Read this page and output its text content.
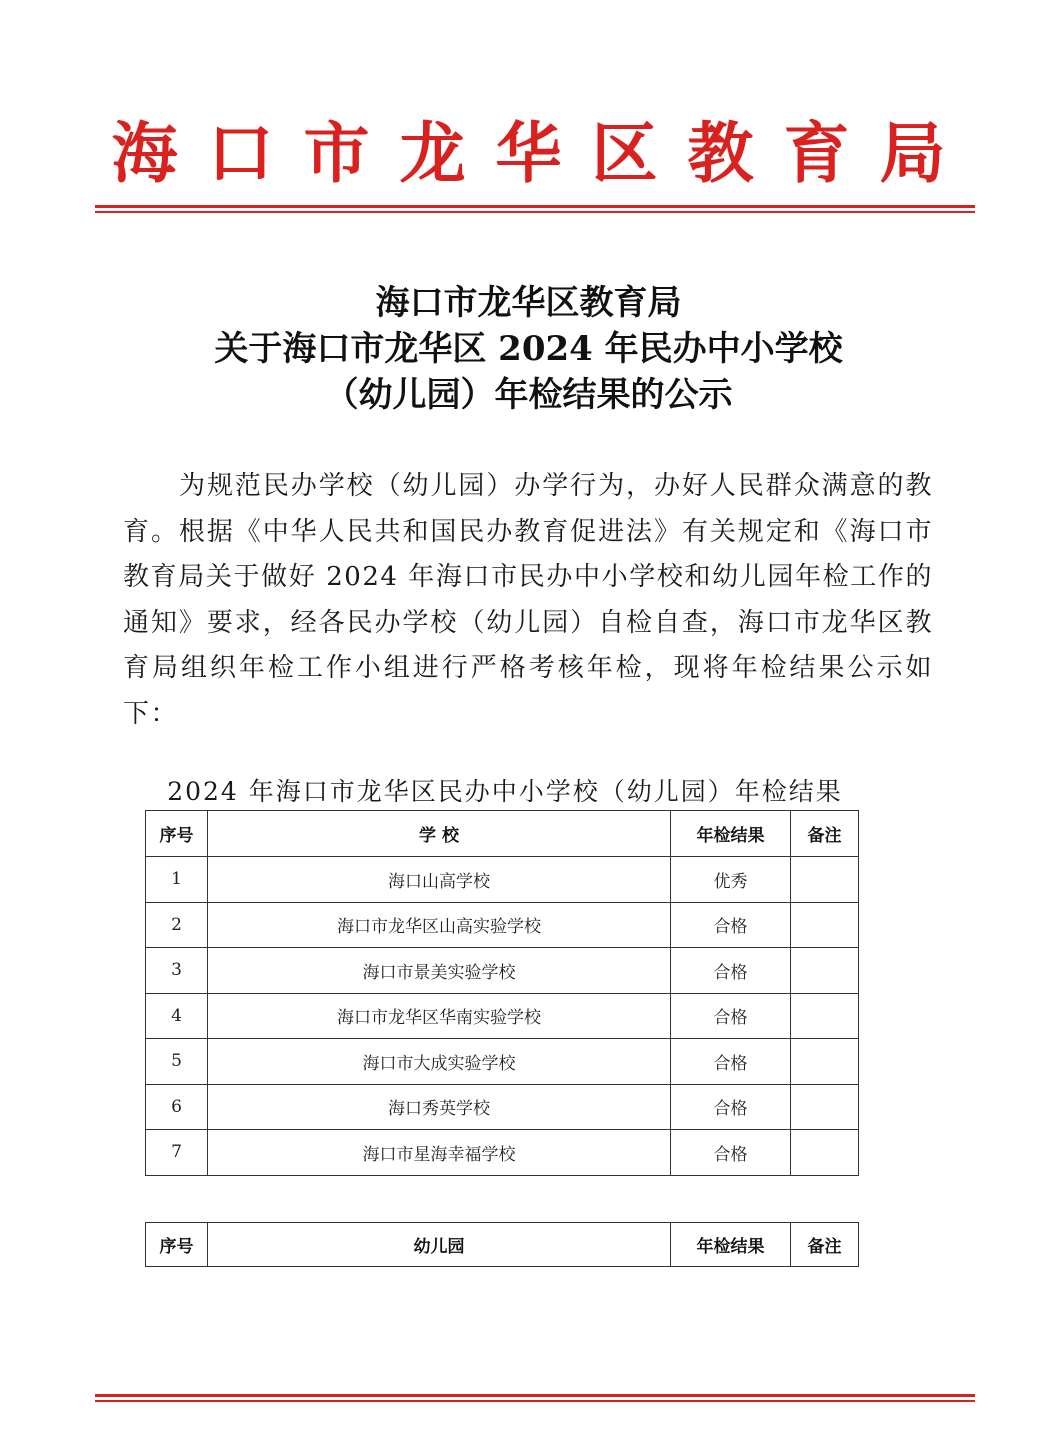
海口市龙华区教育局
海口市龙华区教育局
关于海口市龙华区 2024 年民办中小学校
（幼儿园）年检结果的公示

为规范民办学校（幼儿园）办学行为，办好人民群众满意的教育。根据《中华人民共和国民办教育促进法》有关规定和《海口市教育局关于做好 2024 年海口市民办中小学校和幼儿园年检工作的通知》要求，经各民办学校（幼儿园）自检自查，海口市龙华区教育局组织年检工作小组进行严格考核年检，现将年检结果公示如下：

2024 年海口市龙华区民办中小学校（幼儿园）年检结果
序号	学 校	年检结果	备注
1	海口山高学校	优秀	
2	海口市龙华区山高实验学校	合格	
3	海口市景美实验学校	合格	
4	海口市龙华区华南实验学校	合格	
5	海口市大成实验学校	合格	
6	海口秀英学校	合格	
7	海口市星海幸福学校	合格	
序号	幼儿园	年检结果	备注
